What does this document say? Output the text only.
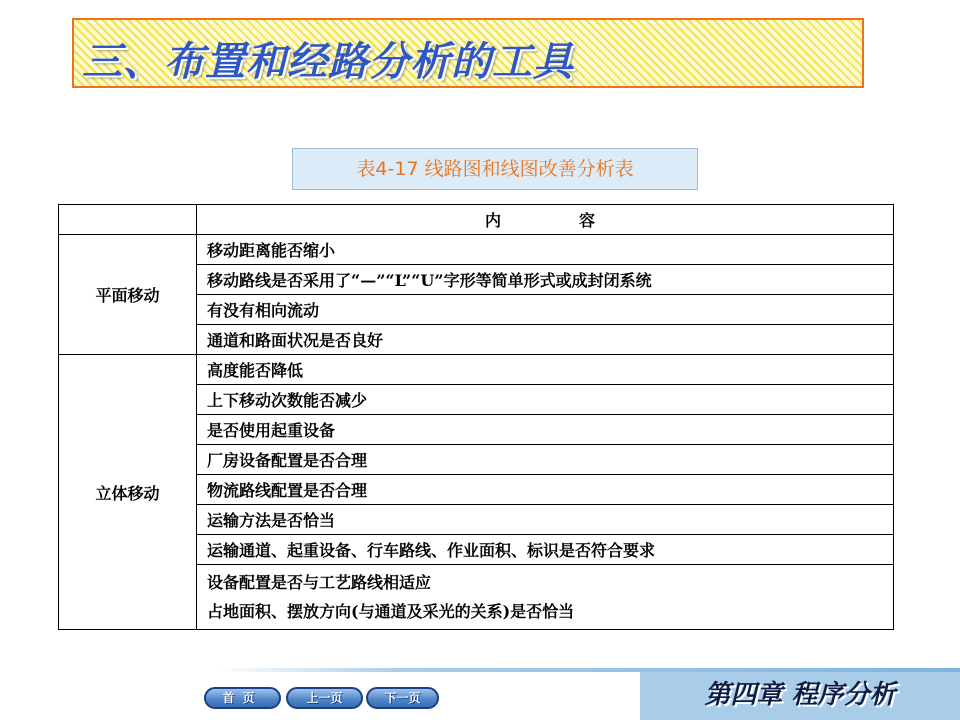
三、布置和经路分析的工具
表4-17 线路图和线图改善分析表
	内容
平面移动	移动距离能否缩小
	移动路线是否采用了“—”“L”“U”字形等简单形式或成封闭系统
	有没有相向流动
	通道和路面状况是否良好
立体移动	高度能否降低
	上下移动次数能否减少
	是否使用起重设备
	厂房设备配置是否合理
	物流路线配置是否合理
	运输方法是否恰当
	运输通道、起重设备、行车路线、作业面积、标识是否符合要求

	设备配置是否与工艺路线相适应
占地面积、摆放方向(与通道及采光的关系)是否恰当
首页	上一页	下一页	第四章 程序分析
